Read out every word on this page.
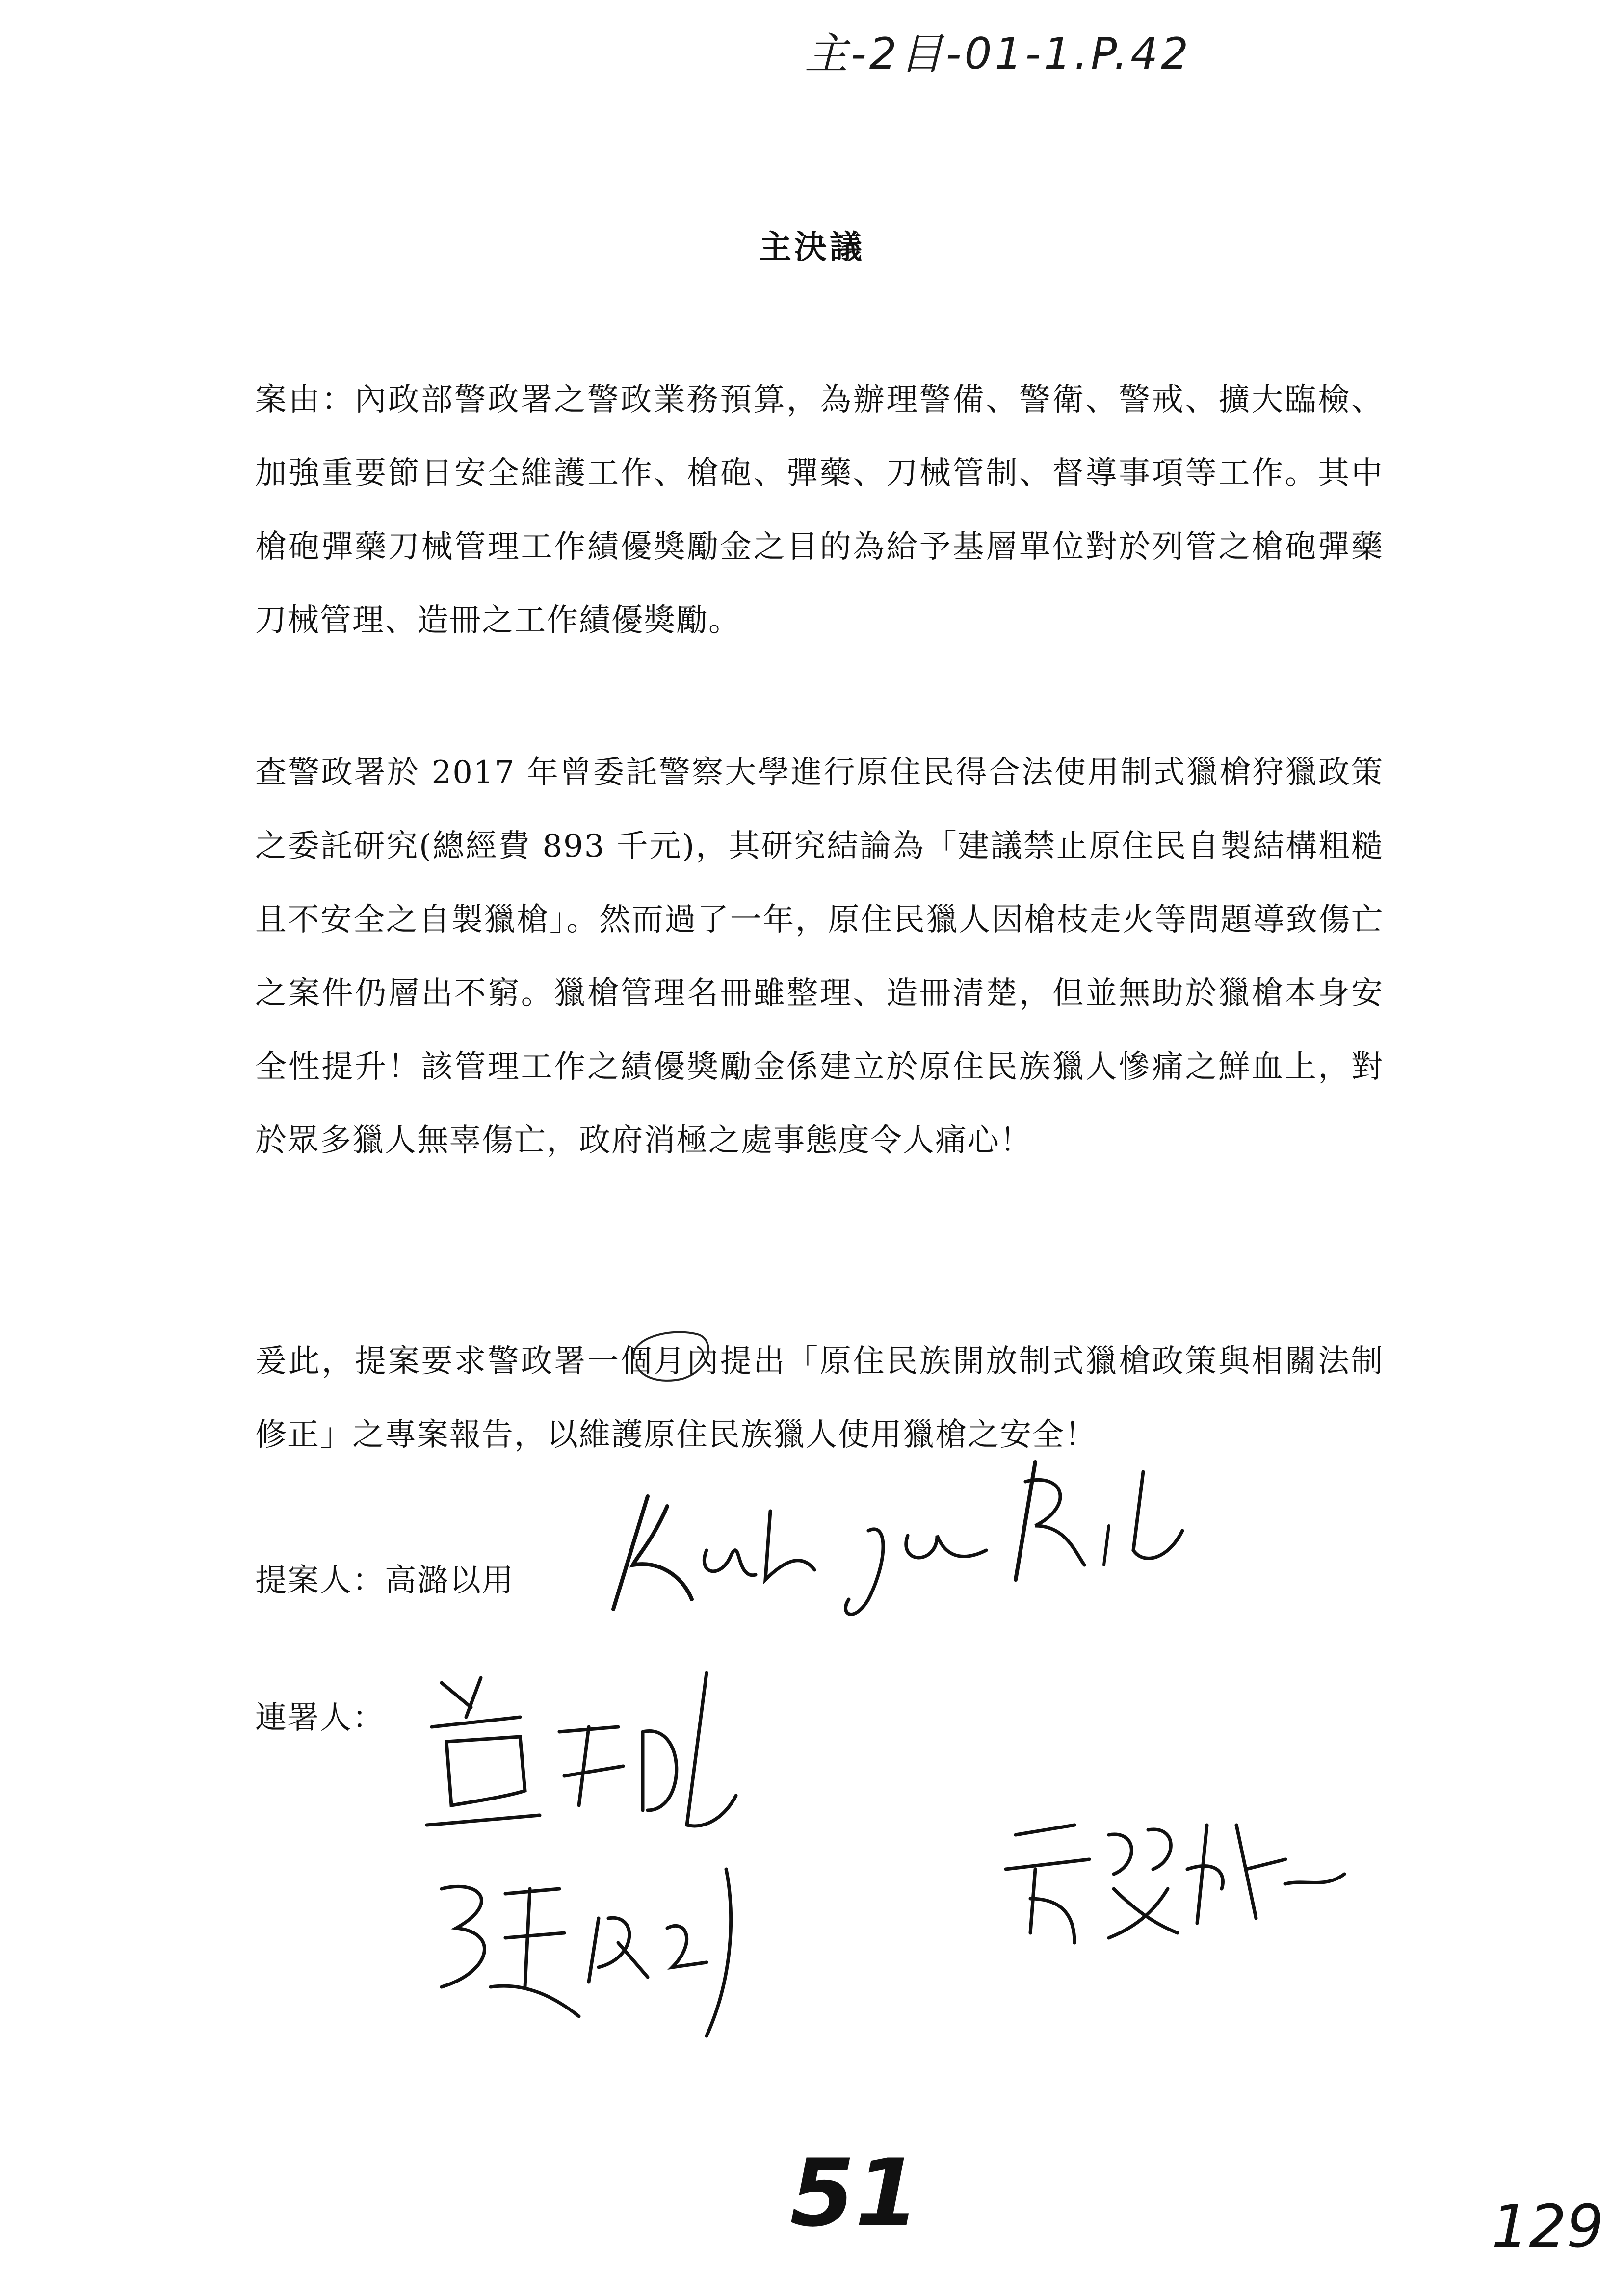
主-2目-01-1.P.42
主決議

案由：內政部警政署之警政業務預算，為辦理警備、警衛、警戒、擴大臨檢、加強重要節日安全維護工作、槍砲、彈藥、刀械管制、督導事項等工作。其中槍砲彈藥刀械管理工作績優獎勵金之目的為給予基層單位對於列管之槍砲彈藥刀械管理、造冊之工作績優獎勵。

查警政署於 2017 年曾委託警察大學進行原住民得合法使用制式獵槍狩獵政策之委託研究(總經費 893 千元)，其研究結論為「建議禁止原住民自製結構粗糙且不安全之自製獵槍」。然而過了一年，原住民獵人因槍枝走火等問題導致傷亡之案件仍層出不窮。獵槍管理名冊雖整理、造冊清楚，但並無助於獵槍本身安全性提升！該管理工作之績優獎勵金係建立於原住民族獵人慘痛之鮮血上，對於眾多獵人無辜傷亡，政府消極之處事態度令人痛心！

爰此，提案要求警政署一個月內提出「原住民族開放制式獵槍政策與相關法制修正」之專案報告，以維護原住民族獵人使用獵槍之安全！

提案人：高潞以用
連署人：
51	129
